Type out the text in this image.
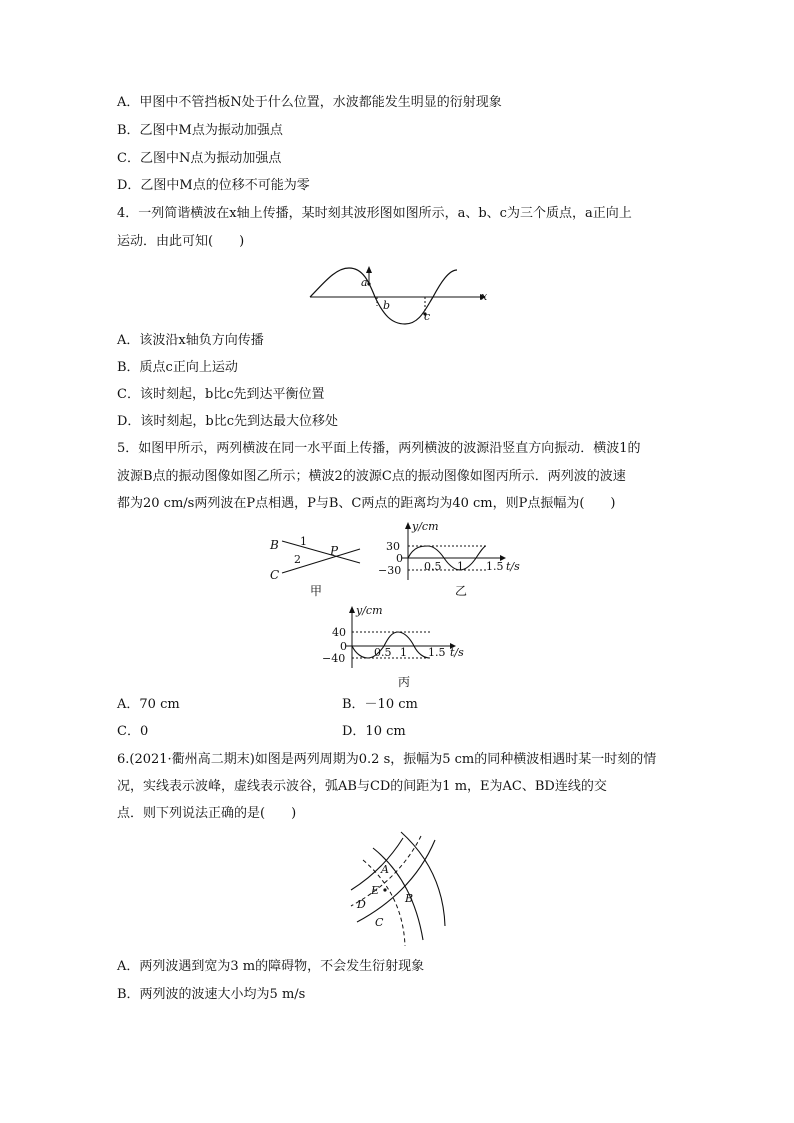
A．甲图中不管挡板N处于什么位置，水波都能发生明显的衍射现象
B．乙图中M点为振动加强点
C．乙图中N点为振动加强点
D．乙图中M点的位移不可能为零
4．一列简谐横波在x轴上传播，某时刻其波形图如图所示，a、b、c为三个质点，a正向上
运动．由此可知(　　)
a
b
c
x
A．该波沿x轴负方向传播
B．质点c正向上运动
C．该时刻起，b比c先到达平衡位置
D．该时刻起，b比c先到达最大位移处
5．如图甲所示，两列横波在同一水平面上传播，两列横波的波源沿竖直方向振动．横波1的
波源B点的振动图像如图乙所示；横波2的波源C点的振动图像如图丙所示．两列波的波速
都为20 cm/s两列波在P点相遇，P与B、C两点的距离均为40 cm，则P点振幅为(　　)
B
C
P
1
2
甲
y/cm
30
0
−30 0.5 1 1.5 t/s
乙
y/cm
40
0
−40	0.5 1 1.5 t/s
丙
A．70 cm	B．－10 cm
C．0	D．10 cm
6.(2021·衢州高二期末)如图是两列周期为0.2 s，振幅为5 cm的同种横波相遇时某一时刻的情
况，实线表示波峰，虚线表示波谷，弧AB与CD的间距为1 m，E为AC、BD连线的交
点．则下列说法正确的是(　　)
A
B
C
D
E
A．两列波遇到宽为3 m的障碍物，不会发生衍射现象
B．两列波的波速大小均为5 m/s
